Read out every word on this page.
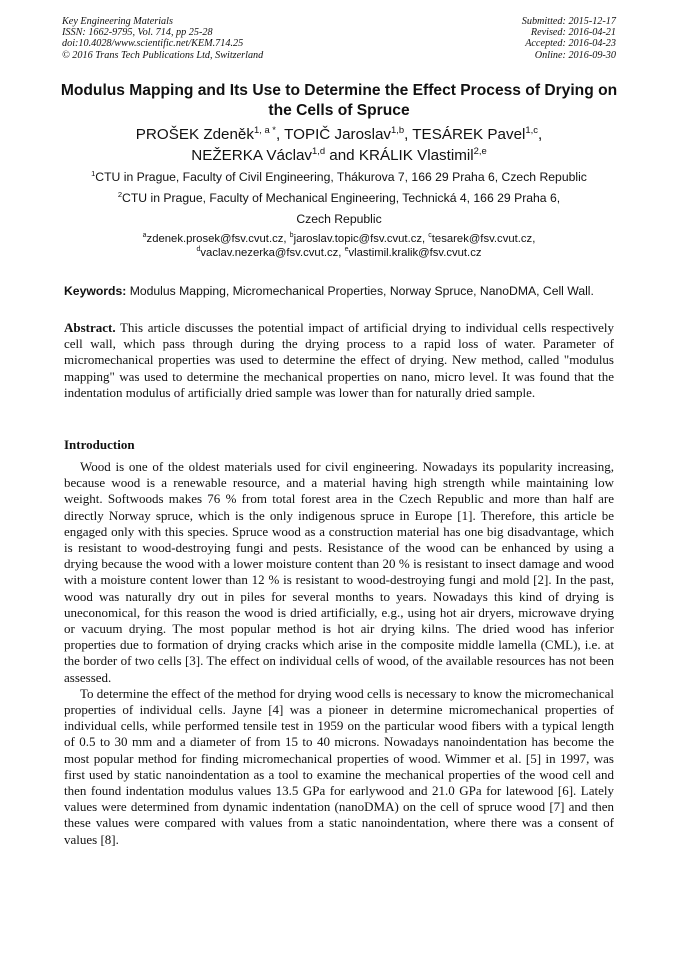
Key Engineering Materials
ISSN: 1662-9795, Vol. 714, pp 25-28
doi:10.4028/www.scientific.net/KEM.714.25
© 2016 Trans Tech Publications Ltd, Switzerland
Submitted: 2015-12-17
Revised: 2016-04-21
Accepted: 2016-04-23
Online: 2016-09-30
Modulus Mapping and Its Use to Determine the Effect Process of Drying on the Cells of Spruce
PROŠEK Zdeněk$^{1, a *}$, TOPIČ Jaroslav$^{1,b}$, TESÁREK Pavel$^{1,c}$,
NEŽERKA Václav$^{1,d}$ and KRÁLIK Vlastimil$^{2,e}$
$^1$CTU in Prague, Faculty of Civil Engineering, Thákurova 7, 166 29 Praha 6, Czech Republic
$^2$CTU in Prague, Faculty of Mechanical Engineering, Technická 4, 166 29 Praha 6,
Czech Republic
$^a$zdenek.prosek@fsv.cvut.cz, $^b$jaroslav.topic@fsv.cvut.cz, $^c$tesarek@fsv.cvut.cz,
$^d$vaclav.nezerka@fsv.cvut.cz, $^e$vlastimil.kralik@fsv.cvut.cz
Keywords: Modulus Mapping, Micromechanical Properties, Norway Spruce, NanoDMA, Cell Wall.
Abstract. This article discusses the potential impact of artificial drying to individual cells respectively cell wall, which pass through during the drying process to a rapid loss of water. Parameter of micromechanical properties was used to determine the effect of drying. New method, called "modulus mapping" was used to determine the mechanical properties on nano, micro level. It was found that the indentation modulus of artificially dried sample was lower than for naturally dried sample.
Introduction

Wood is one of the oldest materials used for civil engineering. Nowadays its popularity increasing, because wood is a renewable resource, and a material having high strength while maintaining low weight. Softwoods makes 76 % from total forest area in the Czech Republic and more than half are directly Norway spruce, which is the only indigenous spruce in Europe [1]. Therefore, this article be engaged only with this species. Spruce wood as a construction material has one big disadvantage, which is resistant to wood-destroying fungi and pests. Resistance of the wood can be enhanced by using a drying because the wood with a lower moisture content than 20 % is resistant to insect damage and wood with a moisture content lower than 12 % is resistant to wood-destroying fungi and mold [2]. In the past, wood was naturally dry out in piles for several months to years. Nowadays this kind of drying is uneconomical, for this reason the wood is dried artificially, e.g., using hot air dryers, microwave drying or vacuum drying. The most popular method is hot air drying kilns. The dried wood has inferior properties due to formation of drying cracks which arise in the composite middle lamella (CML), i.e. at the border of two cells [3]. The effect on individual cells of wood, of the available resources has not been assessed.

To determine the effect of the method for drying wood cells is necessary to know the micromechanical properties of individual cells. Jayne [4] was a pioneer in determine micromechanical properties of individual cells, while performed tensile test in 1959 on the particular wood fibers with a typical length of 0.5 to 30 mm and a diameter of from 15 to 40 microns. Nowadays nanoindentation has become the most popular method for finding micromechanical properties of wood. Wimmer et al. [5] in 1997, was first used by static nanoindentation as a tool to examine the mechanical properties of the wood cell and then found indentation modulus values 13.5 GPa for earlywood and 21.0 GPa for latewood [6]. Lately values were determined from dynamic indentation (nanoDMA) on the cell of spruce wood [7] and then these values were compared with values from a static nanoindentation, where there was a consent of values [8].
